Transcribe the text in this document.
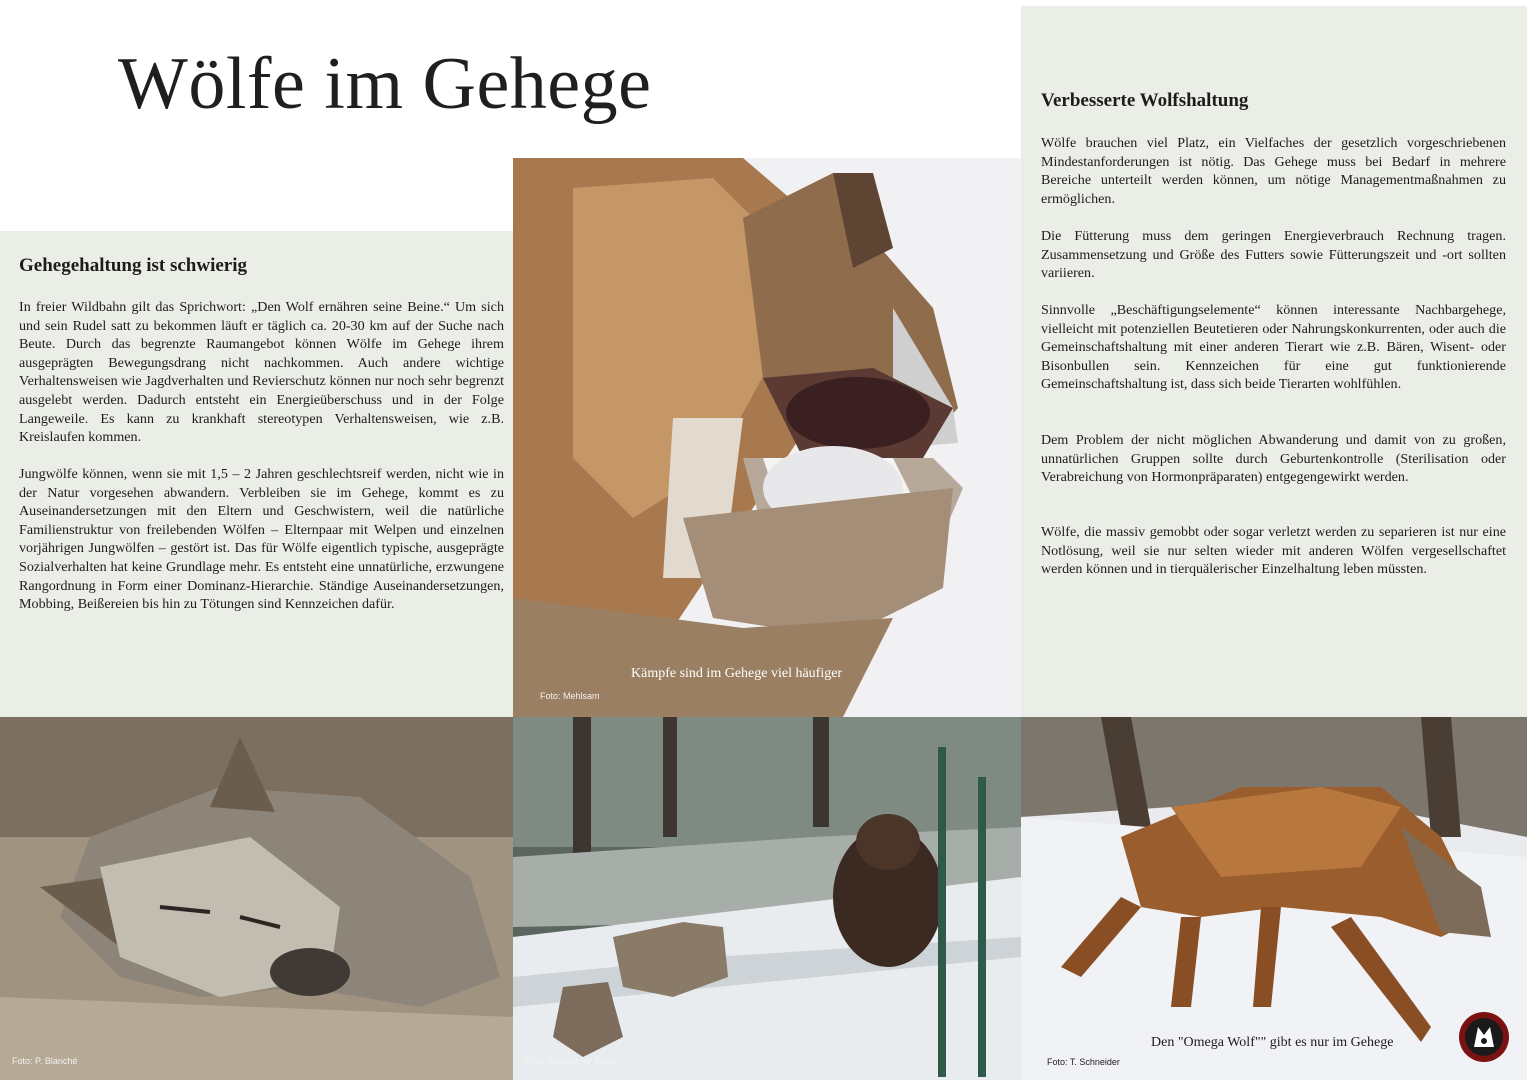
Wölfe im Gehege
Gehegehaltung ist schwierig

In freier Wildbahn gilt das Sprichwort: „Den Wolf ernähren seine Beine.“ Um sich und sein Rudel satt zu bekommen läuft er täglich ca. 20-30 km auf der Suche nach Beute. Durch das begrenzte Raumangebot können Wölfe im Gehege ihrem ausgeprägten Bewegungsdrang nicht nachkommen. Auch andere wichtige Verhaltensweisen wie Jagdverhalten und Revierschutz können nur noch sehr begrenzt ausgelebt werden. Dadurch entsteht ein Energieüberschuss und in der Folge Langeweile. Es kann zu krankhaft stereotypen Verhaltensweisen, wie z.B. Kreislaufen kommen.

Jungwölfe können, wenn sie mit 1,5 – 2 Jahren geschlechtsreif werden, nicht wie in der Natur vorgesehen abwandern. Verbleiben sie im Gehege, kommt es zu Auseinandersetzungen mit den Eltern und Geschwistern, weil die natürliche Familienstruktur von freilebenden Wölfen – Elternpaar mit Welpen und einzelnen vorjährigen Jungwölfen – gestört ist. Das für Wölfe eigentlich typische, ausgeprägte Sozialverhalten hat keine Grundlage mehr. Es entsteht eine unnatürliche, erzwungene Rangordnung in Form einer Dominanz-Hierarchie. Ständige Auseinandersetzungen, Mobbing, Beißereien bis hin zu Tötungen sind Kennzeichen dafür.

Verbesserte Wolfshaltung

Wölfe brauchen viel Platz, ein Vielfaches der gesetzlich vorgeschriebenen Mindestanforderungen ist nötig. Das Gehege muss bei Bedarf in mehrere Bereiche unterteilt werden können, um nötige Managementmaßnahmen zu ermöglichen.

Die Fütterung muss dem geringen Energieverbrauch Rechnung tragen. Zusammensetzung und Größe des Futters sowie Fütterungszeit und -ort sollten variieren.

Sinnvolle „Beschäftigungselemente“ können interessante Nachbargehege, vielleicht mit potenziellen Beutetieren oder Nahrungskonkurrenten, oder auch die Gemeinschaftshaltung mit einer anderen Tierart wie z.B. Bären, Wisent- oder Bisonbullen sein. Kennzeichen für eine gut funktionierende Gemeinschaftshaltung ist, dass sich beide Tierarten wohlfühlen.

Dem Problem der nicht möglichen Abwanderung und damit von zu großen, unnatürlichen Gruppen sollte durch Geburtenkontrolle (Sterilisation oder Verabreichung von Hormonpräparaten) entgegengewirkt werden.

Wölfe, die massiv gemobbt oder sogar verletzt werden zu separieren ist nur eine Notlösung, weil sie nur selten wieder mit anderen Wölfen vergesellschaftet werden können und in tierquälerischer Einzelhaltung leben müssten.

Kämpfe sind im Gehege viel häufiger
Foto: Mehlsam
Foto: P. Blanché	Foto: Stiftung für Bären
Den "Omega Wolf"" gibt es nur im Gehege
Foto: T. Schneider
